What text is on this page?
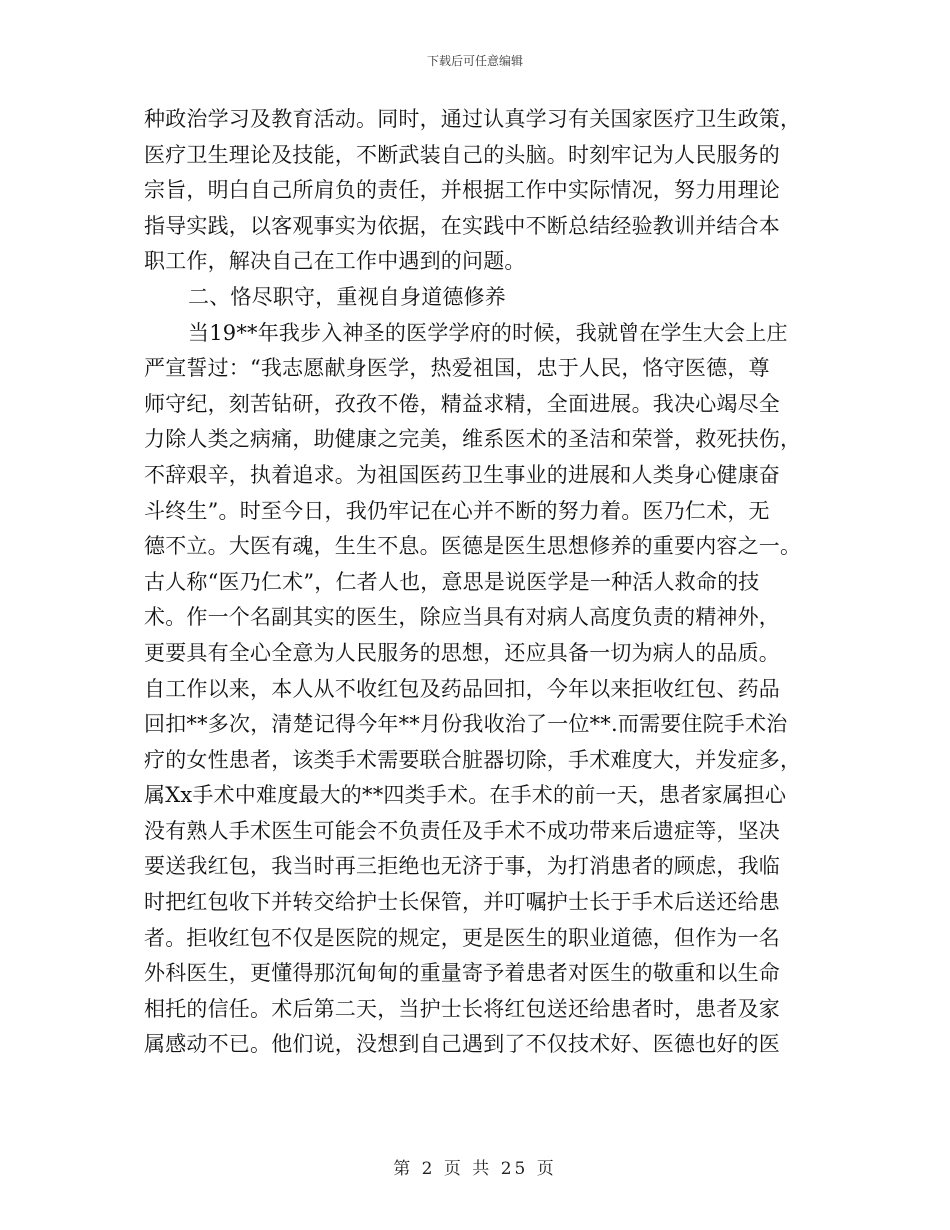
下载后可任意编辑
种政治学习及教育活动。同时，通过认真学习有关国家医疗卫生政策，
医疗卫生理论及技能，不断武装自己的头脑。时刻牢记为人民服务的
宗旨，明白自己所肩负的责任，并根据工作中实际情况，努力用理论
指导实践，以客观事实为依据，在实践中不断总结经验教训并结合本
职工作，解决自己在工作中遇到的问题。
二、恪尽职守，重视自身道德修养
当19**年我步入神圣的医学学府的时候，我就曾在学生大会上庄
严宣誓过：“我志愿献身医学，热爱祖国，忠于人民，恪守医德，尊
师守纪，刻苦钻研，孜孜不倦，精益求精，全面进展。我决心竭尽全
力除人类之病痛，助健康之完美，维系医术的圣洁和荣誉，救死扶伤，
不辞艰辛，执着追求。为祖国医药卫生事业的进展和人类身心健康奋
斗终生”。时至今日，我仍牢记在心并不断的努力着。医乃仁术，无
德不立。大医有魂，生生不息。医德是医生思想修养的重要内容之一。
古人称“医乃仁术”，仁者人也，意思是说医学是一种活人救命的技
术。作一个名副其实的医生，除应当具有对病人高度负责的精神外，
更要具有全心全意为人民服务的思想，还应具备一切为病人的品质。
自工作以来，本人从不收红包及药品回扣，今年以来拒收红包、药品
回扣**多次，清楚记得今年**月份我收治了一位**.而需要住院手术治
疗的女性患者，该类手术需要联合脏器切除，手术难度大，并发症多，
属Xx手术中难度最大的**四类手术。在手术的前一天，患者家属担心
没有熟人手术医生可能会不负责任及手术不成功带来后遗症等，坚决
要送我红包，我当时再三拒绝也无济于事，为打消患者的顾虑，我临
时把红包收下并转交给护士长保管，并叮嘱护士长于手术后送还给患
者。拒收红包不仅是医院的规定，更是医生的职业道德，但作为一名
外科医生，更懂得那沉甸甸的重量寄予着患者对医生的敬重和以生命
相托的信任。术后第二天，当护士长将红包送还给患者时，患者及家
属感动不已。他们说，没想到自己遇到了不仅技术好、医德也好的医
第 2 页 共 25 页
